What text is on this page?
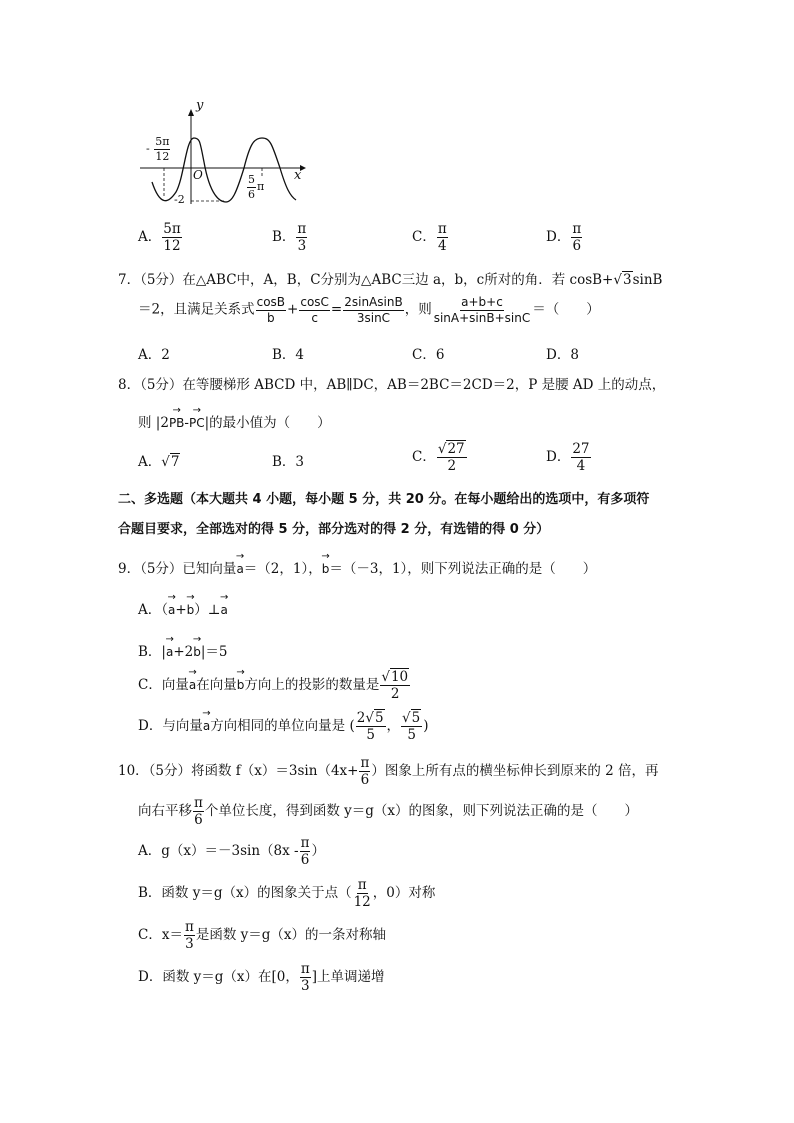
y
x
O
- $\frac{5\pi}{12}$
$\frac{5}{6}$ π
-2
A． $\frac{5\pi}{12}$	B． $\frac{\pi}{3}$	C． $\frac{\pi}{4}$	D． $\frac{\pi}{6}$
7．（5分）在△ABC中，A，B，C分别为△ABC三边 a，b，c所对的角．若 cosB+√3sinB
＝2，且满足关系式 $\frac{\cos B}{b} + \frac{\cos C}{c} = \frac{\text{2sinAsinB}}{3\sin C}$ ，则 $\frac{a+b+c}{\sin A+\sin B+\sin C}$ ＝（　　）
A．2	B．4	C．6	D．8
8．（5分）在等腰梯形 ABCD 中，AB∥DC，AB＝2BC＝2CD＝2，P 是腰 AD 上的动点，
则 |2→ PB-→ PC|的最小值为（　　）
A．√7	B．3	C． $\frac{√27}{2}$	D． $\frac{27}{4}$
二、多选题（本大题共 4 小题，每小题 5 分，共 20 分。在每小题给出的选项中，有多项符
合题目要求，全部选对的得 5 分，部分选对的得 2 分，有选错的得 0 分）
9．（5分）已知向量→ a＝（2，1），→ b＝（－3，1），则下列说法正确的是（　　）
A．（→ a+→ b）⊥→ a
B．|→ a+2→ b|＝5
C．向量→ a在向量→ b方向上的投影的数量是 $\frac{√10}{2}$
D．与向量→ a方向相同的单位向量是 ( $\frac{2√5}{5}$ ， $\frac{√5}{5}$ )
10．（5分）将函数 $f(x)=3\sin(4x+ \frac{\pi}{6}$ ）图象上所有点的横坐标伸长到原来的 2 倍，再
向右平移 $\frac{\pi}{6}$ 个单位长度，得到函数 y＝g（x）的图象，则下列说法正确的是（　　）
A．$g(x)=-3\sin(8x - \frac{\pi}{6}$ ）
B．函数 y＝g（x）的图象关于点（ $\frac{\pi}{12}$ ，0）对称
C．$x= \frac{\pi}{3}$ 是函数 y＝g（x）的一条对称轴
D．函数 y＝g（x）在[0， $\frac{\pi}{3}$ ]上单调递增
